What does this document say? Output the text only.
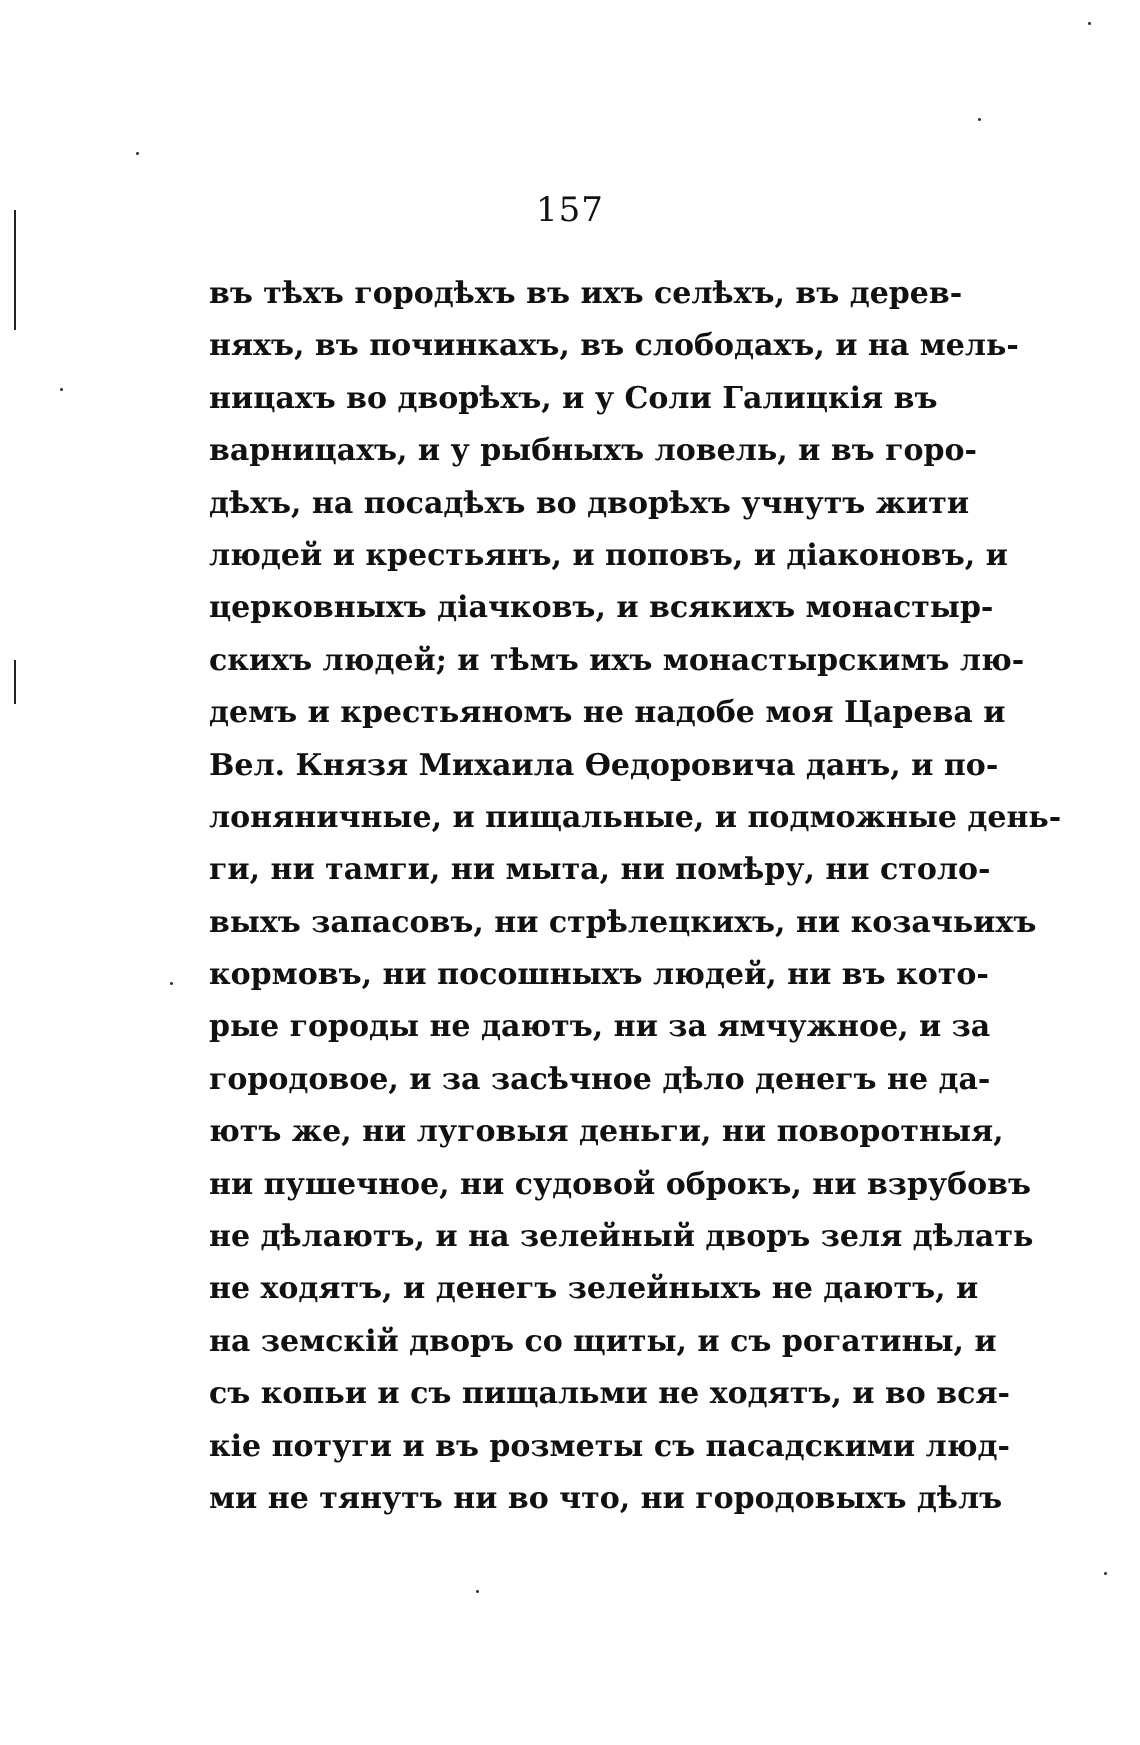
157
въ тѣхъ городѣхъ въ ихъ селѣхъ, въ дерев-
няхъ, въ починкахъ, въ слободахъ, и на мель-
ницахъ во дворѣхъ, и у Соли Галицкія въ
варницахъ, и у рыбныхъ ловель, и въ горо-
дѣхъ, на посадѣхъ во дворѣхъ учнутъ жити
людей и крестьянъ, и поповъ, и діаконовъ, и
церковныхъ діачковъ, и всякихъ монастыр-
скихъ людей; и тѣмъ ихъ монастырскимъ лю-
демъ и крестьяномъ не надобе моя Царева и
Вел. Князя Михаила Ѳедоровича данъ, и по-
лоняничные, и пищальные, и подможные день-
ги, ни тамги, ни мыта, ни помѣру, ни столо-
выхъ запасовъ, ни стрѣлецкихъ, ни козачьихъ
кормовъ, ни посошныхъ людей, ни въ кото-
рые городы не даютъ, ни за ямчужное, и за
городовое, и за засѣчное дѣло денегъ не да-
ютъ же, ни луговыя деньги, ни поворотныя,
ни пушечное, ни судовой оброкъ, ни взрубовъ
не дѣлаютъ, и на зелейный дворъ зеля дѣлать
не ходятъ, и денегъ зелейныхъ не даютъ, и
на земскій дворъ со щиты, и съ рогатины, и
съ копьи и съ пищальми не ходятъ, и во вся-
кіе потуги и въ розметы съ пасадскими люд-
ми не тянутъ ни во что, ни городовыхъ дѣлъ
